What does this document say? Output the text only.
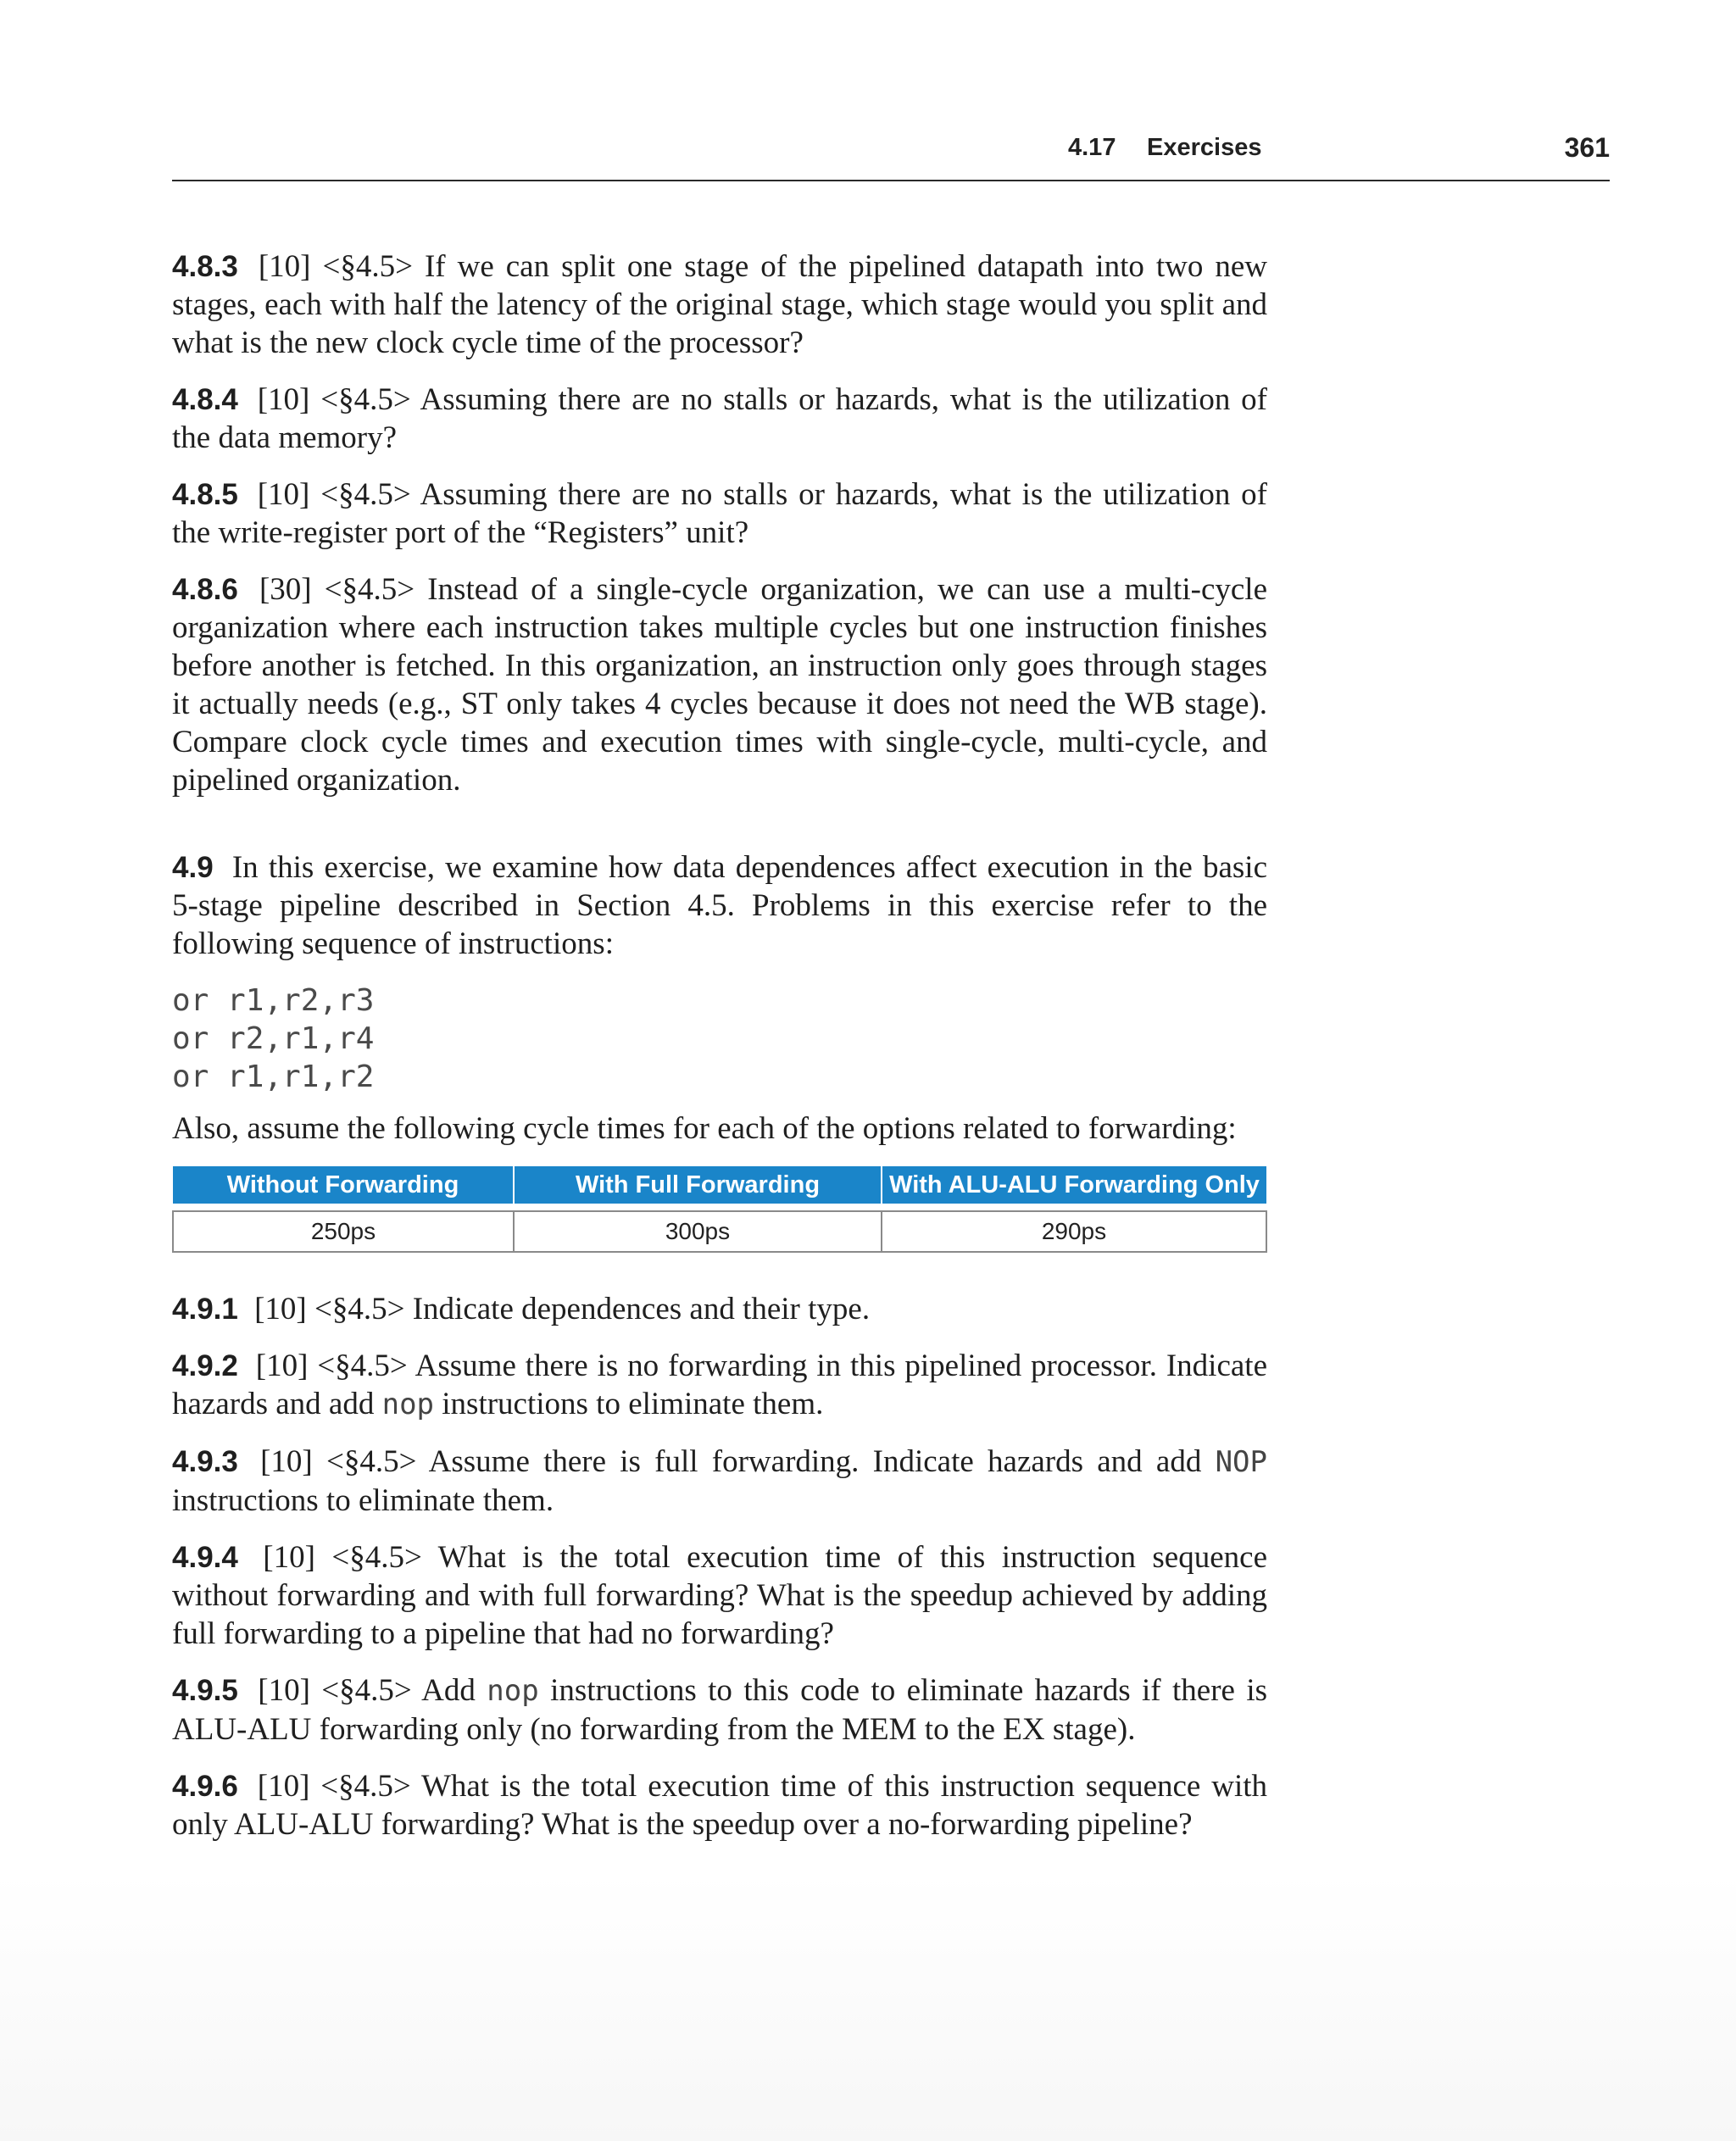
4.17 Exercises	361

4.8.3 [10] <§4.5> If we can split one stage of the pipelined datapath into two new stages, each with half the latency of the original stage, which stage would you split and what is the new clock cycle time of the processor?

4.8.4 [10] <§4.5> Assuming there are no stalls or hazards, what is the utilization of the data memory?

4.8.5 [10] <§4.5> Assuming there are no stalls or hazards, what is the utilization of the write-register port of the “Registers” unit?

4.8.6 [30] <§4.5> Instead of a single-cycle organization, we can use a multi-cycle organization where each instruction takes multiple cycles but one instruction finishes before another is fetched. In this organization, an instruction only goes through stages it actually needs (e.g., ST only takes 4 cycles because it does not need the WB stage). Compare clock cycle times and execution times with single-cycle, multi-cycle, and pipelined organization.

4.9 In this exercise, we examine how data dependences affect execution in the basic 5-stage pipeline described in Section 4.5. Problems in this exercise refer to the following sequence of instructions:

or r1,r2,r3
or r2,r1,r4
or r1,r1,r2

Also, assume the following cycle times for each of the options related to forwarding:

Without Forwarding	With Full Forwarding	With ALU-ALU Forwarding Only

250ps	300ps	290ps

4.9.1 [10] <§4.5> Indicate dependences and their type.

4.9.2 [10] <§4.5> Assume there is no forwarding in this pipelined processor. Indicate hazards and add nop instructions to eliminate them.

4.9.3 [10] <§4.5> Assume there is full forwarding. Indicate hazards and add NOP instructions to eliminate them.

4.9.4 [10] <§4.5> What is the total execution time of this instruction sequence without forwarding and with full forwarding? What is the speedup achieved by adding full forwarding to a pipeline that had no forwarding?

4.9.5 [10] <§4.5> Add nop instructions to this code to eliminate hazards if there is ALU-ALU forwarding only (no forwarding from the MEM to the EX stage).

4.9.6 [10] <§4.5> What is the total execution time of this instruction sequence with only ALU-ALU forwarding? What is the speedup over a no-forwarding pipeline?
